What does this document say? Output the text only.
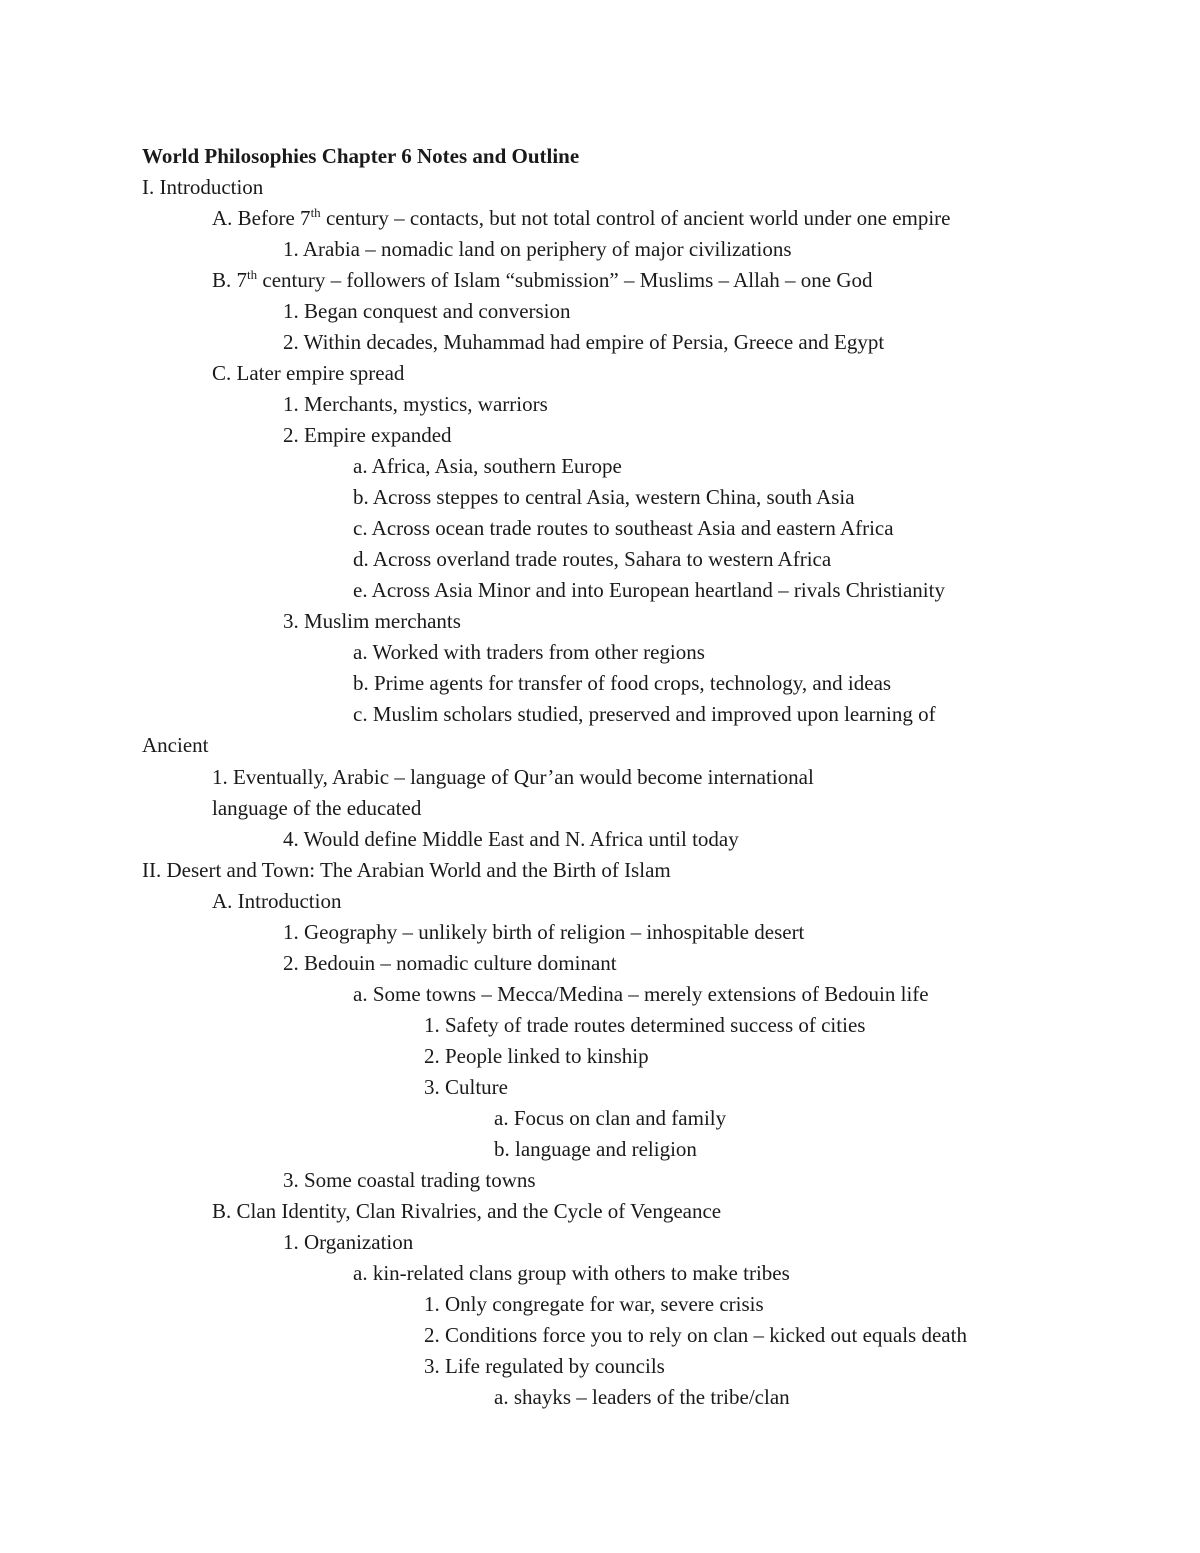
World Philosophies Chapter 6 Notes and Outline
I. Introduction
A. Before 7th century – contacts, but not total control of ancient world under one empire
1. Arabia – nomadic land on periphery of major civilizations
B. 7th century – followers of Islam “submission” – Muslims – Allah – one God
1. Began conquest and conversion
2. Within decades, Muhammad had empire of Persia, Greece and Egypt
C. Later empire spread
1. Merchants, mystics, warriors
2. Empire expanded
a. Africa, Asia, southern Europe
b. Across steppes to central Asia, western China, south Asia
c. Across ocean trade routes to southeast Asia and eastern Africa
d. Across overland trade routes, Sahara to western Africa
e. Across Asia Minor and into European heartland – rivals Christianity
3. Muslim merchants
a. Worked with traders from other regions
b. Prime agents for transfer of food crops, technology, and ideas
c. Muslim scholars studied, preserved and improved upon learning of
Ancient
1. Eventually, Arabic – language of Qur’an would become international
language of the educated
4. Would define Middle East and N. Africa until today
II. Desert and Town: The Arabian World and the Birth of Islam
A. Introduction
1. Geography – unlikely birth of religion – inhospitable desert
2. Bedouin – nomadic culture dominant
a. Some towns – Mecca/Medina – merely extensions of Bedouin life
1. Safety of trade routes determined success of cities
2. People linked to kinship
3. Culture
a. Focus on clan and family
b. language and religion
3. Some coastal trading towns
B. Clan Identity, Clan Rivalries, and the Cycle of Vengeance
1. Organization
a. kin-related clans group with others to make tribes
1. Only congregate for war, severe crisis
2. Conditions force you to rely on clan – kicked out equals death
3. Life regulated by councils
a. shayks – leaders of the tribe/clan
